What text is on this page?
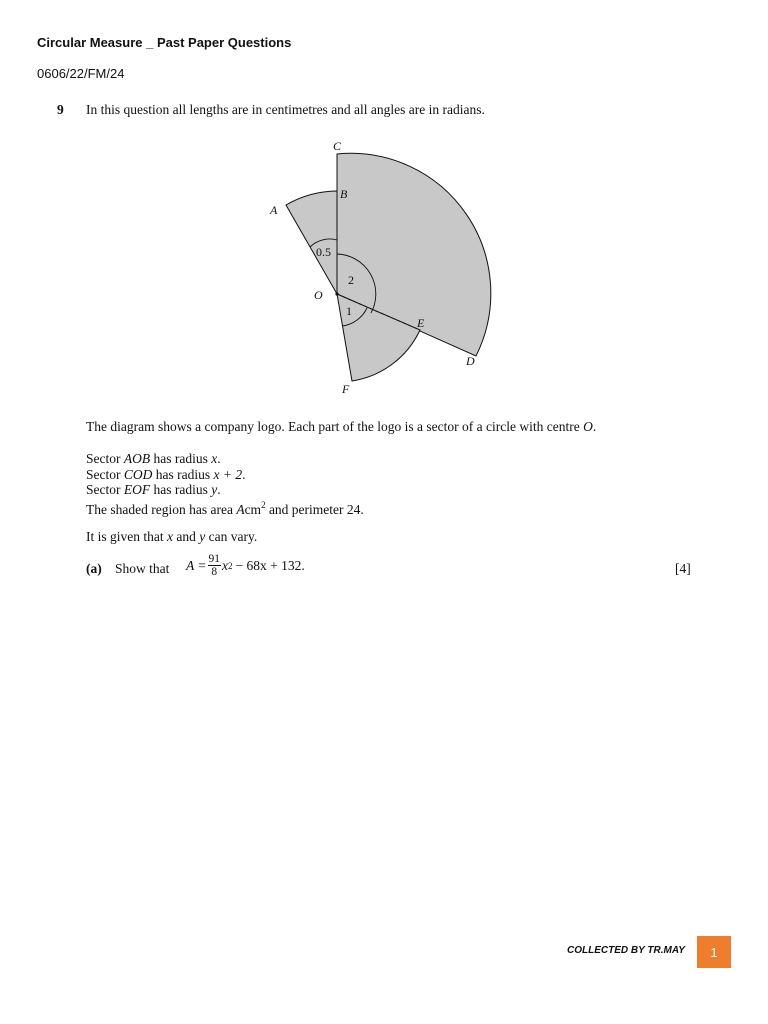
Circular Measure _ Past Paper Questions
0606/22/FM/24
9 In this question all lengths are in centimetres and all angles are in radians.
C
B
A
O
E
D
F
0.5
2
1
The diagram shows a company logo. Each part of the logo is a sector of a circle with centre O.
Sector AOB has radius x.
Sector COD has radius x + 2.
Sector EOF has radius y.
The shaded region has area Acm$^2$ and perimeter 24.
It is given that x and y can vary.
(a) Show that $A = \frac{91}{8}$ x 2 − 68x + 132.	[4]
COLLECTED BY TR.MAY	1
